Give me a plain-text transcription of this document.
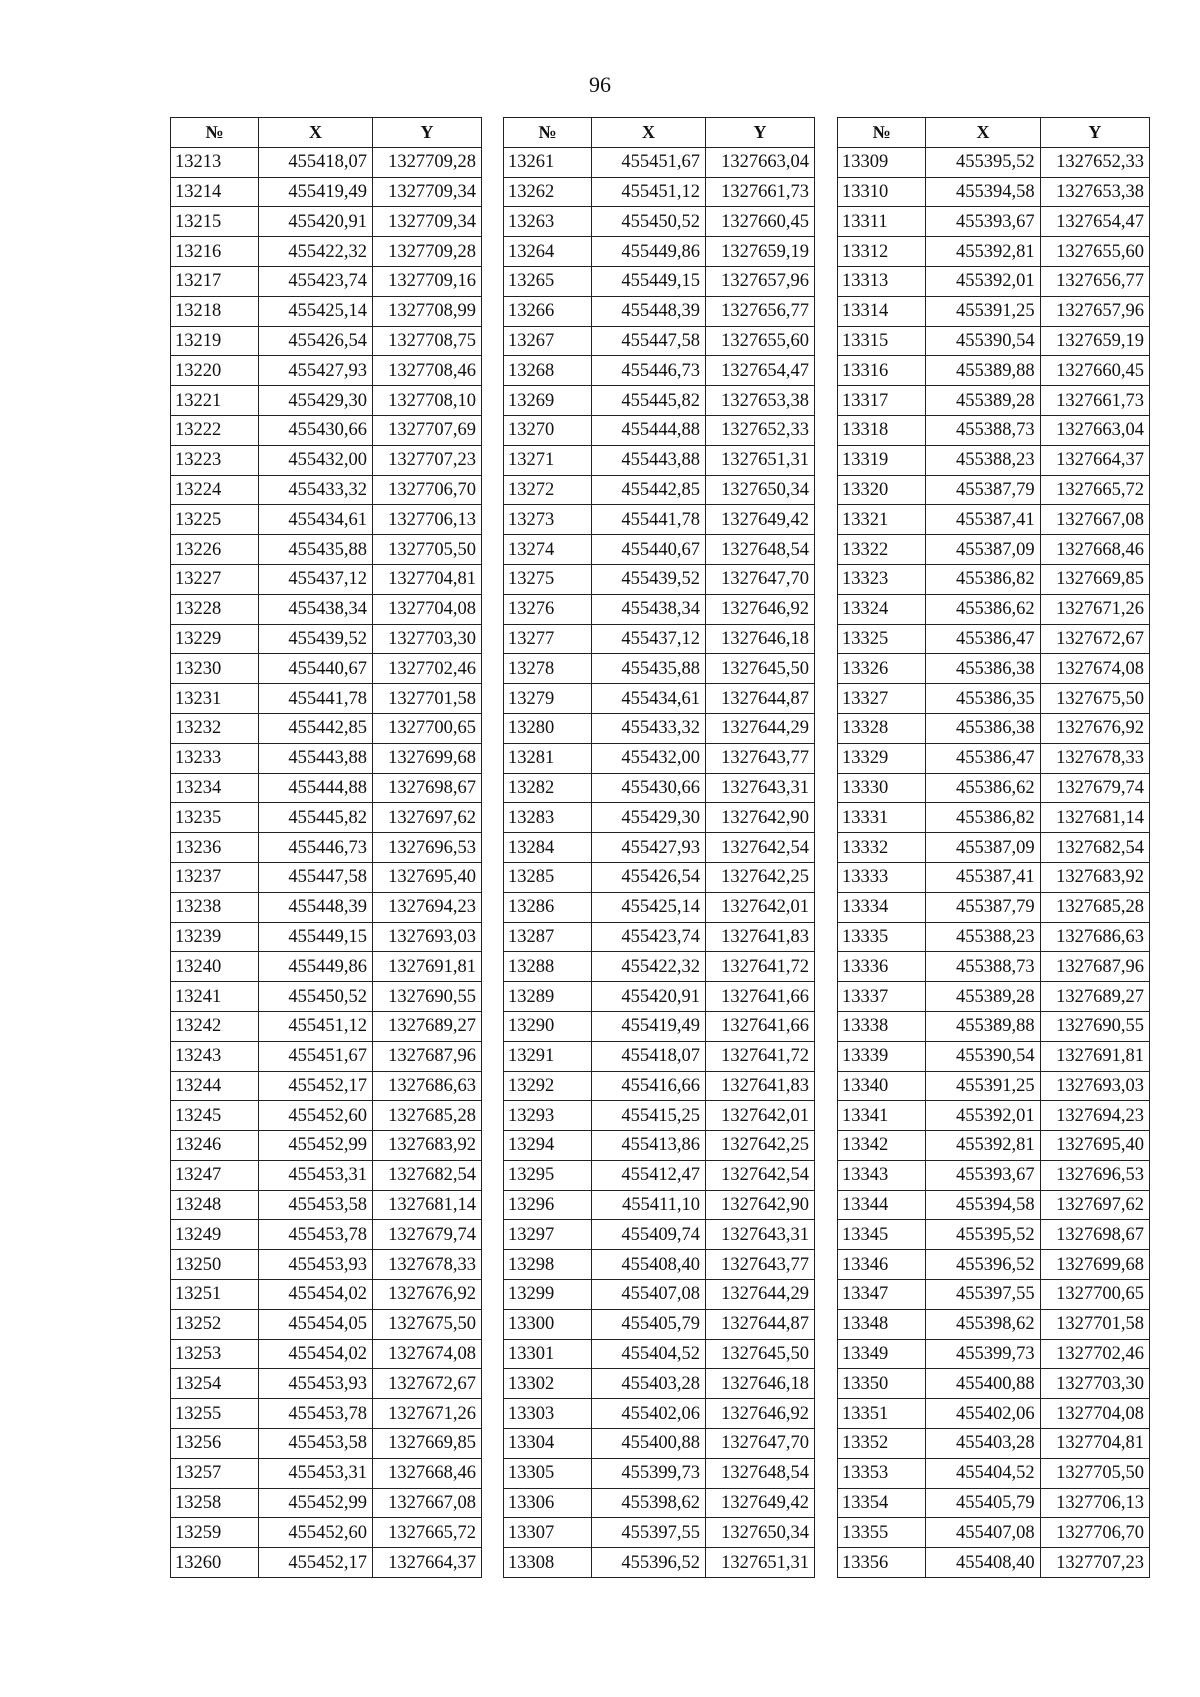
96
№	X	Y
13213	455418,07	1327709,28
13214	455419,49	1327709,34
13215	455420,91	1327709,34
13216	455422,32	1327709,28
13217	455423,74	1327709,16
13218	455425,14	1327708,99
13219	455426,54	1327708,75
13220	455427,93	1327708,46
13221	455429,30	1327708,10
13222	455430,66	1327707,69
13223	455432,00	1327707,23
13224	455433,32	1327706,70
13225	455434,61	1327706,13
13226	455435,88	1327705,50
13227	455437,12	1327704,81
13228	455438,34	1327704,08
13229	455439,52	1327703,30
13230	455440,67	1327702,46
13231	455441,78	1327701,58
13232	455442,85	1327700,65
13233	455443,88	1327699,68
13234	455444,88	1327698,67
13235	455445,82	1327697,62
13236	455446,73	1327696,53
13237	455447,58	1327695,40
13238	455448,39	1327694,23
13239	455449,15	1327693,03
13240	455449,86	1327691,81
13241	455450,52	1327690,55
13242	455451,12	1327689,27
13243	455451,67	1327687,96
13244	455452,17	1327686,63
13245	455452,60	1327685,28
13246	455452,99	1327683,92
13247	455453,31	1327682,54
13248	455453,58	1327681,14
13249	455453,78	1327679,74
13250	455453,93	1327678,33
13251	455454,02	1327676,92
13252	455454,05	1327675,50
13253	455454,02	1327674,08
13254	455453,93	1327672,67
13255	455453,78	1327671,26
13256	455453,58	1327669,85
13257	455453,31	1327668,46
13258	455452,99	1327667,08
13259	455452,60	1327665,72
13260	455452,17	1327664,37
№	X	Y
13261	455451,67	1327663,04
13262	455451,12	1327661,73
13263	455450,52	1327660,45
13264	455449,86	1327659,19
13265	455449,15	1327657,96
13266	455448,39	1327656,77
13267	455447,58	1327655,60
13268	455446,73	1327654,47
13269	455445,82	1327653,38
13270	455444,88	1327652,33
13271	455443,88	1327651,31
13272	455442,85	1327650,34
13273	455441,78	1327649,42
13274	455440,67	1327648,54
13275	455439,52	1327647,70
13276	455438,34	1327646,92
13277	455437,12	1327646,18
13278	455435,88	1327645,50
13279	455434,61	1327644,87
13280	455433,32	1327644,29
13281	455432,00	1327643,77
13282	455430,66	1327643,31
13283	455429,30	1327642,90
13284	455427,93	1327642,54
13285	455426,54	1327642,25
13286	455425,14	1327642,01
13287	455423,74	1327641,83
13288	455422,32	1327641,72
13289	455420,91	1327641,66
13290	455419,49	1327641,66
13291	455418,07	1327641,72
13292	455416,66	1327641,83
13293	455415,25	1327642,01
13294	455413,86	1327642,25
13295	455412,47	1327642,54
13296	455411,10	1327642,90
13297	455409,74	1327643,31
13298	455408,40	1327643,77
13299	455407,08	1327644,29
13300	455405,79	1327644,87
13301	455404,52	1327645,50
13302	455403,28	1327646,18
13303	455402,06	1327646,92
13304	455400,88	1327647,70
13305	455399,73	1327648,54
13306	455398,62	1327649,42
13307	455397,55	1327650,34
13308	455396,52	1327651,31
№	X	Y
13309	455395,52	1327652,33
13310	455394,58	1327653,38
13311	455393,67	1327654,47
13312	455392,81	1327655,60
13313	455392,01	1327656,77
13314	455391,25	1327657,96
13315	455390,54	1327659,19
13316	455389,88	1327660,45
13317	455389,28	1327661,73
13318	455388,73	1327663,04
13319	455388,23	1327664,37
13320	455387,79	1327665,72
13321	455387,41	1327667,08
13322	455387,09	1327668,46
13323	455386,82	1327669,85
13324	455386,62	1327671,26
13325	455386,47	1327672,67
13326	455386,38	1327674,08
13327	455386,35	1327675,50
13328	455386,38	1327676,92
13329	455386,47	1327678,33
13330	455386,62	1327679,74
13331	455386,82	1327681,14
13332	455387,09	1327682,54
13333	455387,41	1327683,92
13334	455387,79	1327685,28
13335	455388,23	1327686,63
13336	455388,73	1327687,96
13337	455389,28	1327689,27
13338	455389,88	1327690,55
13339	455390,54	1327691,81
13340	455391,25	1327693,03
13341	455392,01	1327694,23
13342	455392,81	1327695,40
13343	455393,67	1327696,53
13344	455394,58	1327697,62
13345	455395,52	1327698,67
13346	455396,52	1327699,68
13347	455397,55	1327700,65
13348	455398,62	1327701,58
13349	455399,73	1327702,46
13350	455400,88	1327703,30
13351	455402,06	1327704,08
13352	455403,28	1327704,81
13353	455404,52	1327705,50
13354	455405,79	1327706,13
13355	455407,08	1327706,70
13356	455408,40	1327707,23
